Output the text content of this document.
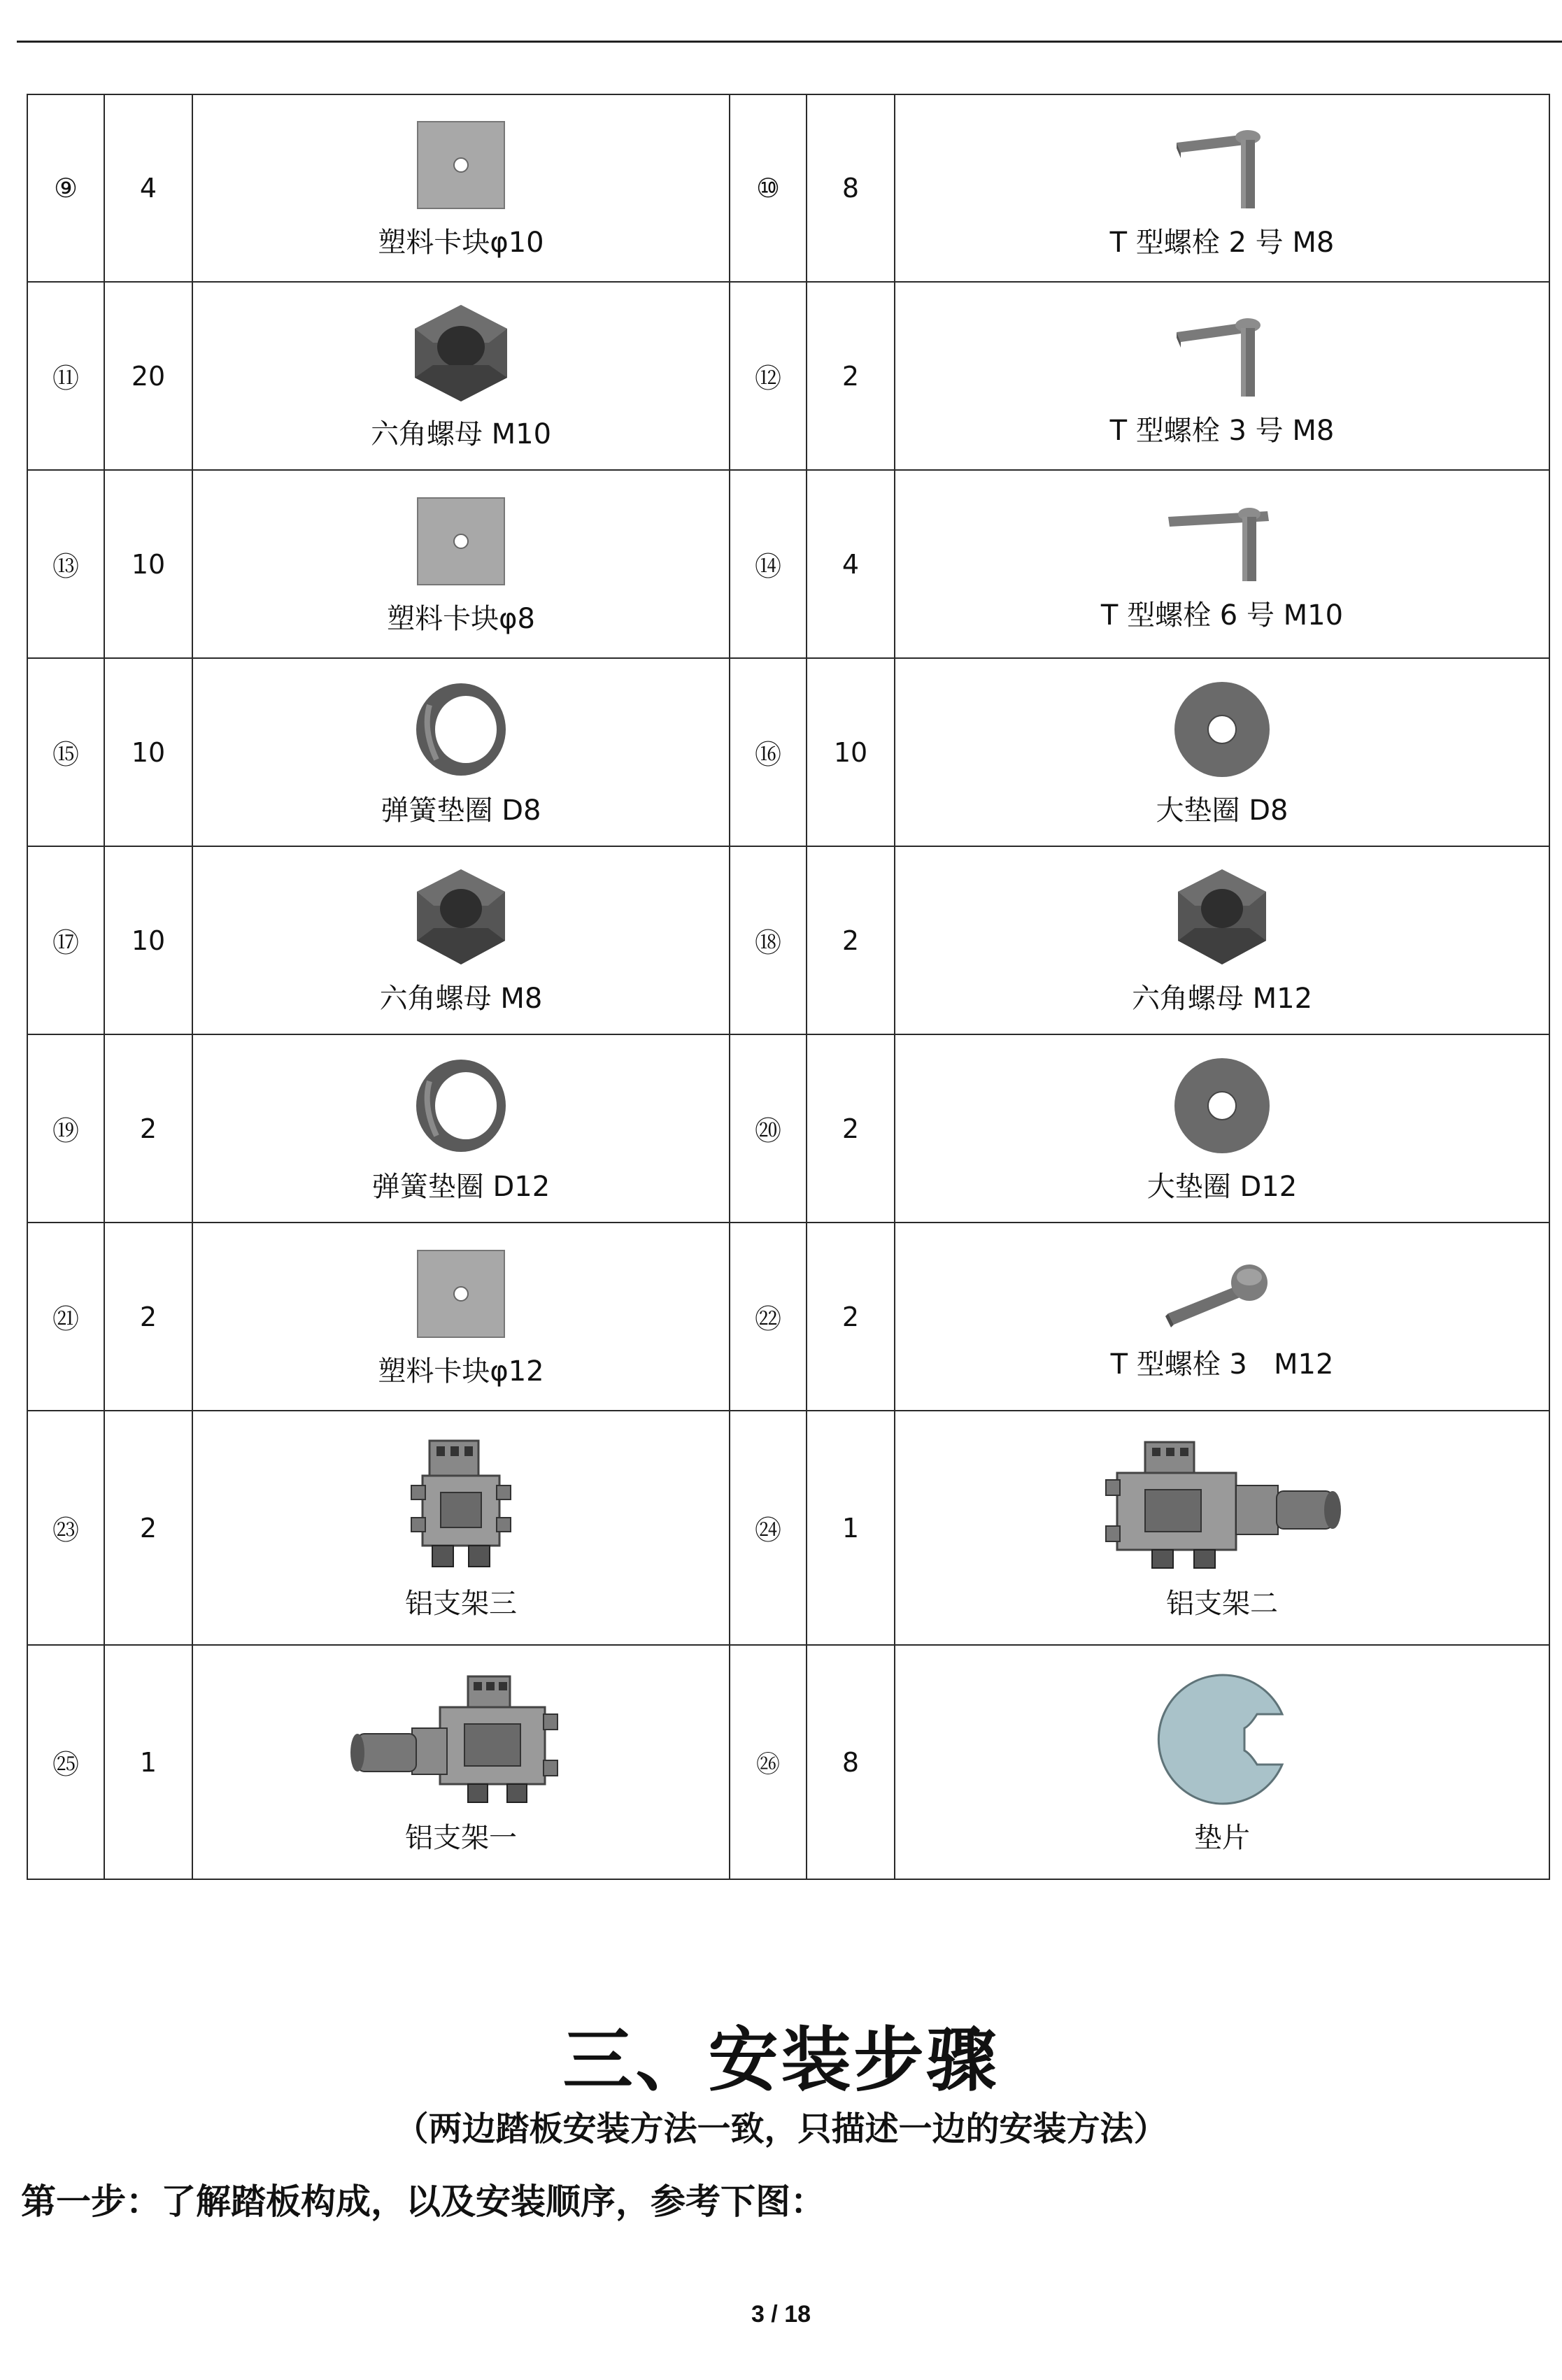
⑨	4	塑料卡块φ10	⑩	8	T 型螺栓 2 号 M8

⑪	20	六角螺母 M10	⑫	2	T 型螺栓 3 号 M8

⑬	10	塑料卡块φ8	⑭	4	T 型螺栓 6 号 M10

⑮	10	弹簧垫圈 D8	⑯	10	大垫圈 D8

⑰	10	六角螺母 M8	⑱	2	六角螺母 M12

⑲	2	弹簧垫圈 D12	⑳	2	大垫圈 D12

㉑	2	塑料卡块φ12	㉒	2	T 型螺栓 3   M12

㉓	2	铝支架三	㉔	1	铝支架二

㉕	1	铝支架一	㉖	8	垫片
三、安装步骤
（两边踏板安装方法一致，只描述一边的安装方法）
第一步：了解踏板构成，以及安装顺序，参考下图：
3 / 18
